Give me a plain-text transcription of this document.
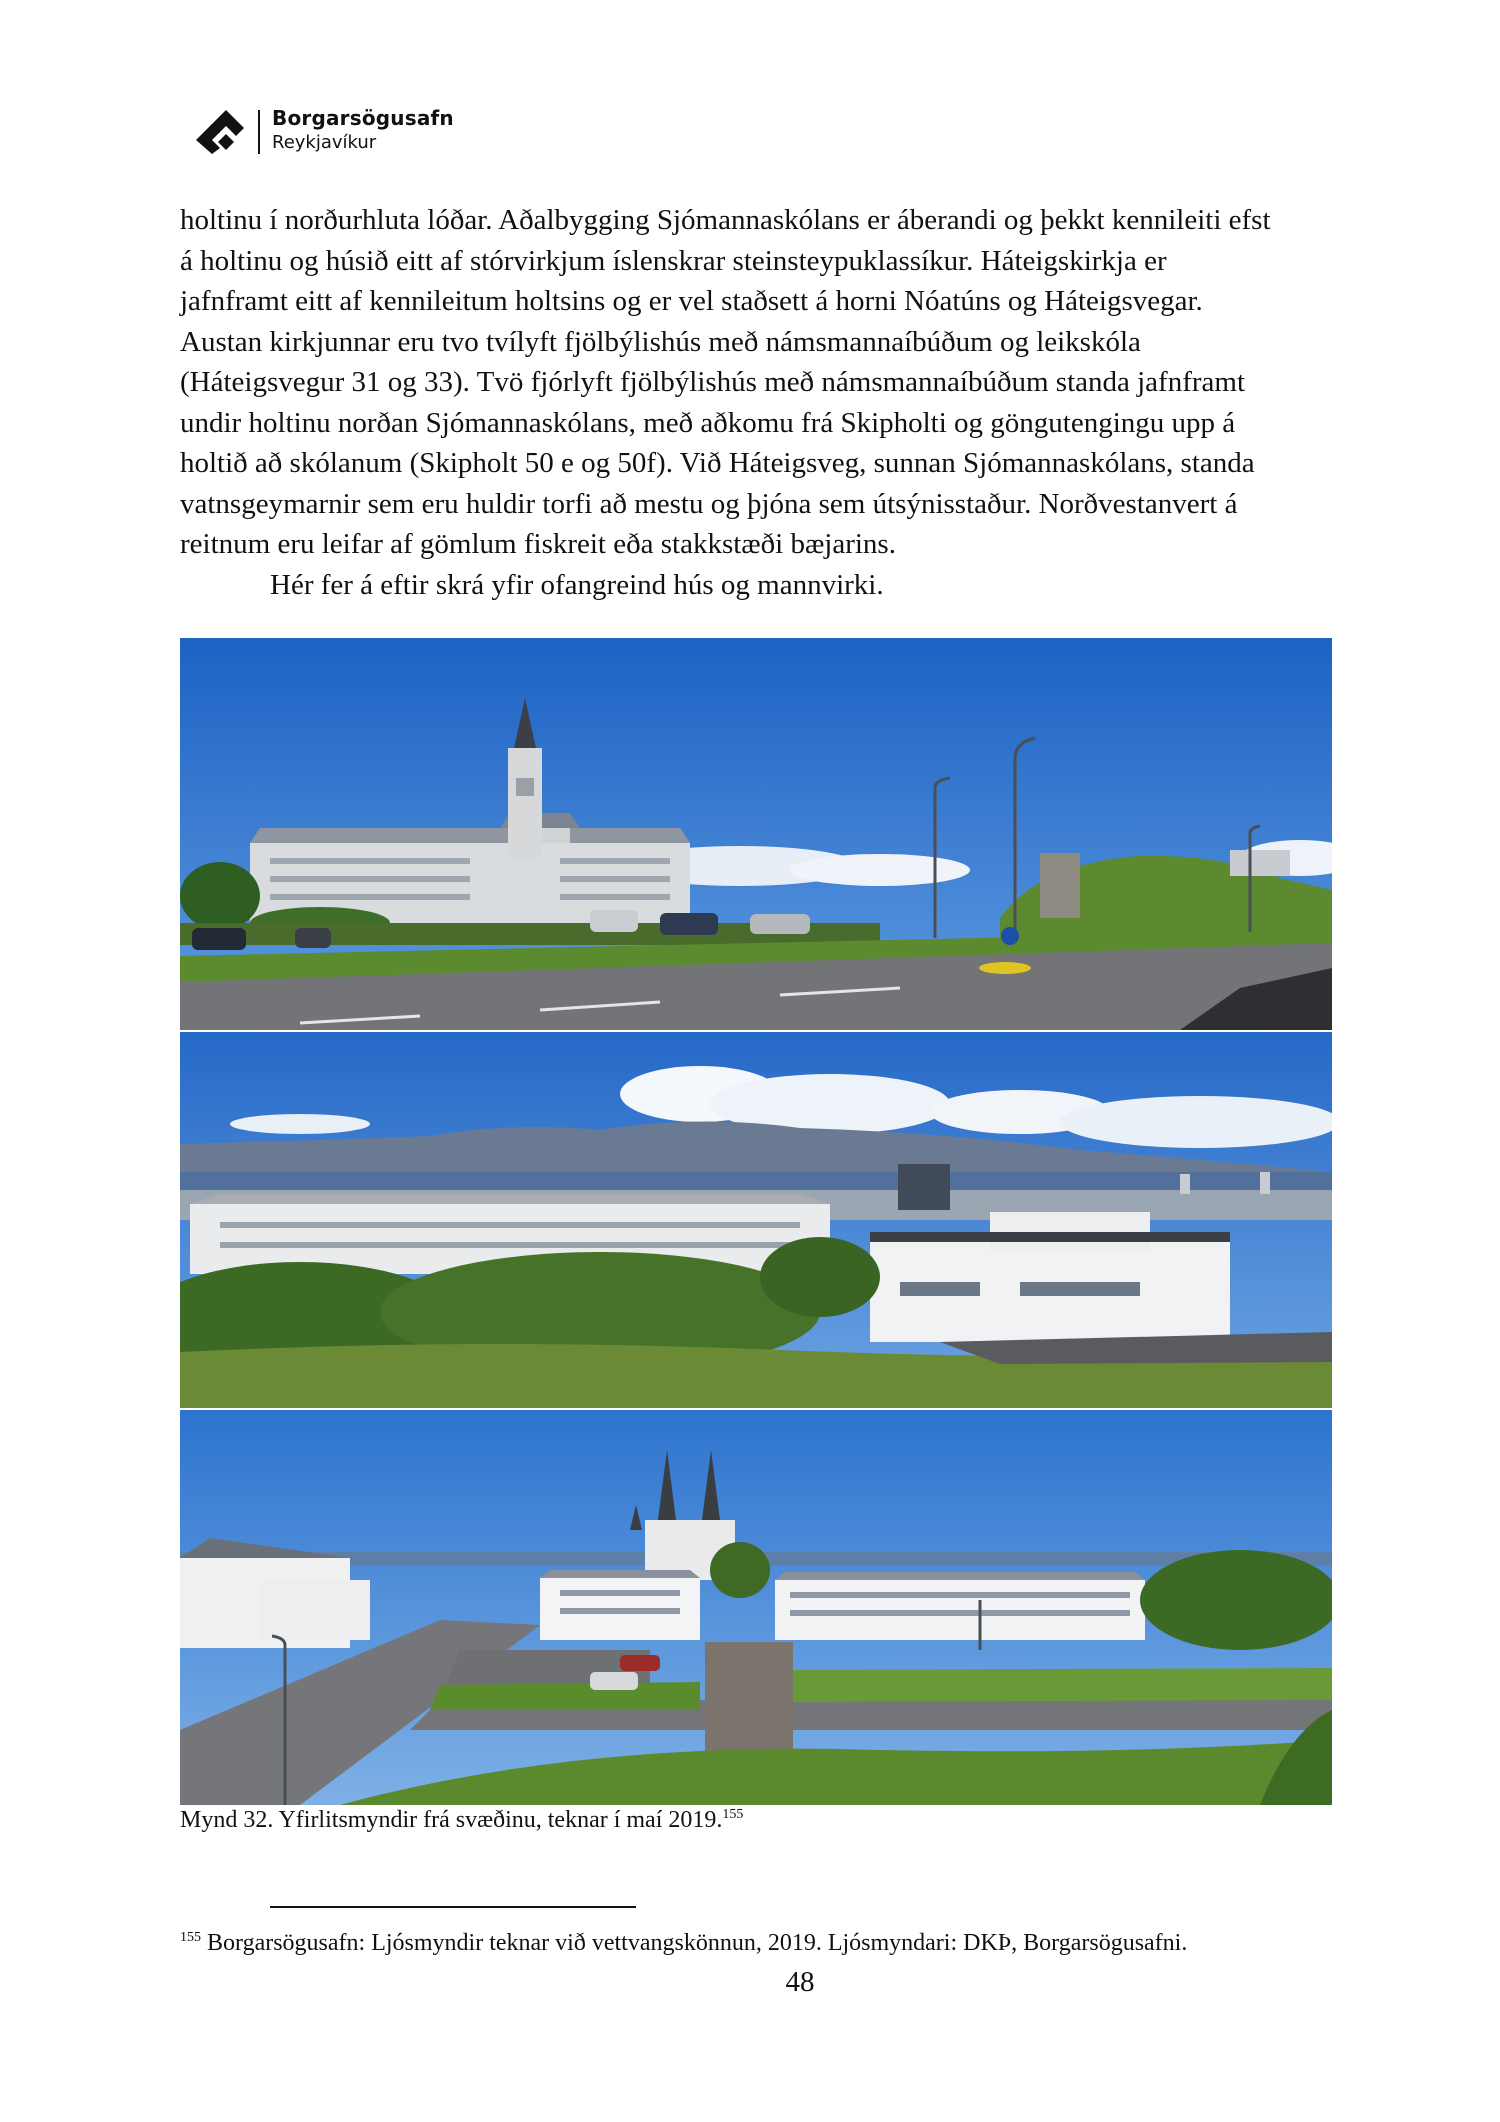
Borgarsögusafn
Reykjavíkur

holtinu í norðurhluta lóðar. Aðalbygging Sjómannaskólans er áberandi og þekkt kennileiti efst
á holtinu og húsið eitt af stórvirkjum íslenskrar steinsteypuklassíkur. Háteigskirkja er
jafnframt eitt af kennileitum holtsins og er vel staðsett á horni Nóatúns og Háteigsvegar.
Austan kirkjunnar eru tvo tvílyft fjölbýlishús með námsmannaíbúðum og leikskóla
(Háteigsvegur 31 og 33). Tvö fjórlyft fjölbýlishús með námsmannaíbúðum standa jafnframt
undir holtinu norðan Sjómannaskólans, með aðkomu frá Skipholti og göngutengingu upp á
holtið að skólanum (Skipholt 50 e og 50f). Við Háteigsveg, sunnan Sjómannaskólans, standa
vatnsgeymarnir sem eru huldir torfi að mestu og þjóna sem útsýnisstaður. Norðvestanvert á
reitnum eru leifar af gömlum fiskreit eða stakkstæði bæjarins.
Hér fer á eftir skrá yfir ofangreind hús og mannvirki.

Mynd 32. Yfirlitsmyndir frá svæðinu, teknar í maí 2019.$^{155}$
$^{155}$ Borgarsögusafn: Ljósmyndir teknar við vettvangskönnun, 2019. Ljósmyndari: DKÞ, Borgarsögusafni.
48
